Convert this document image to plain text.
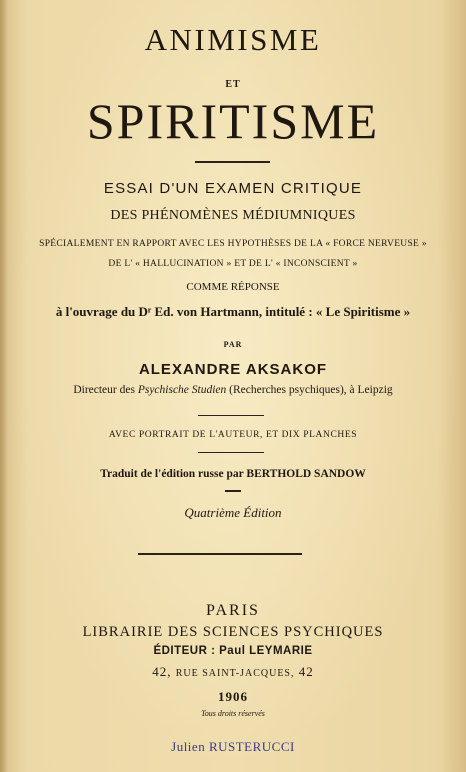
ANIMISME
ET
SPIRITISME
ESSAI D'UN EXAMEN CRITIQUE
DES PHÉNOMÈNES MÉDIUMNIQUES
SPÉCIALEMENT EN RAPPORT AVEC LES HYPOTHÈSES DE LA « FORCE NERVEUSE »
DE L' « HALLUCINATION » ET DE L' « INCONSCIENT »
COMME RÉPONSE
à l'ouvrage du Dʳ Ed. von Hartmann, intitulé : « Le Spiritisme »
PAR
ALEXANDRE AKSAKOF
Directeur des Psychische Studien (Recherches psychiques), à Leipzig
AVEC PORTRAIT DE L'AUTEUR, ET DIX PLANCHES
Traduit de l'édition russe par BERTHOLD SANDOW
Quatrième Édition
PARIS
LIBRAIRIE DES SCIENCES PSYCHIQUES
ÉDITEUR : Paul LEYMARIE
42, RUE SAINT-JACQUES, 42
1906
Tous droits réservés
Julien RUSTERUCCI
